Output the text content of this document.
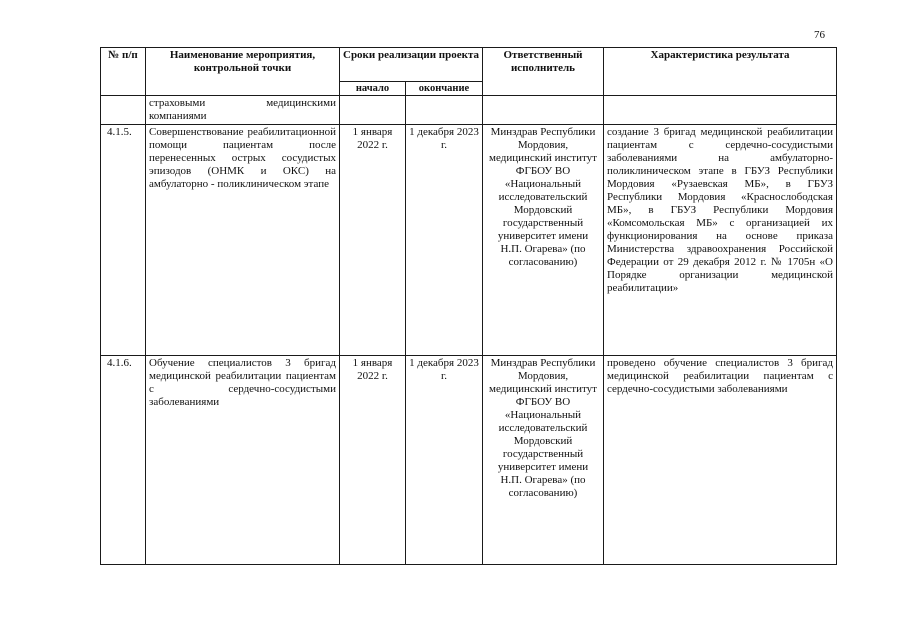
76
№ п/п	Наименование мероприятия, контрольной точки	Сроки реализации проекта		Ответственный исполнитель	Характеристика результата
		начало	окончание		
	страховыми медицинскими компаниями				
4.1.5.	Совершенствование реабилитационной помощи пациентам после перенесенных острых сосудистых эпизодов (ОНМК и ОКС) на амбулаторно - поликлиническом этапе	1 января 2022 г.	1 декабря 2023 г.	Минздрав Республики Мордовия, медицинский институт ФГБОУ ВО «Национальный исследовательский Мордовский государственный университет имени Н.П. Огарева» (по согласованию)	создание 3 бригад медицинской реабилитации пациентам с сердечно-сосудистыми заболеваниями на амбулаторно-поликлиническом этапе в ГБУЗ Республики Мордовия «Рузаевская МБ», в ГБУЗ Республики Мордовия «Краснослободская МБ», в ГБУЗ Республики Мордовия «Комсомольская МБ» с организацией их функционирования на основе приказа Министерства здравоохранения Российской Федерации от 29 декабря 2012 г. № 1705н «О Порядке организации медицинской реабилитации»
4.1.6.	Обучение специалистов 3 бригад медицинской реабилитации пациентам с сердечно-сосудистыми заболеваниями	1 января 2022 г.	1 декабря 2023 г.	Минздрав Республики Мордовия, медицинский институт ФГБОУ ВО «Национальный исследовательский Мордовский государственный университет имени Н.П. Огарева» (по согласованию)	проведено обучение специалистов 3 бригад медицинской реабилитации пациентам с сердечно-сосудистыми заболеваниями
